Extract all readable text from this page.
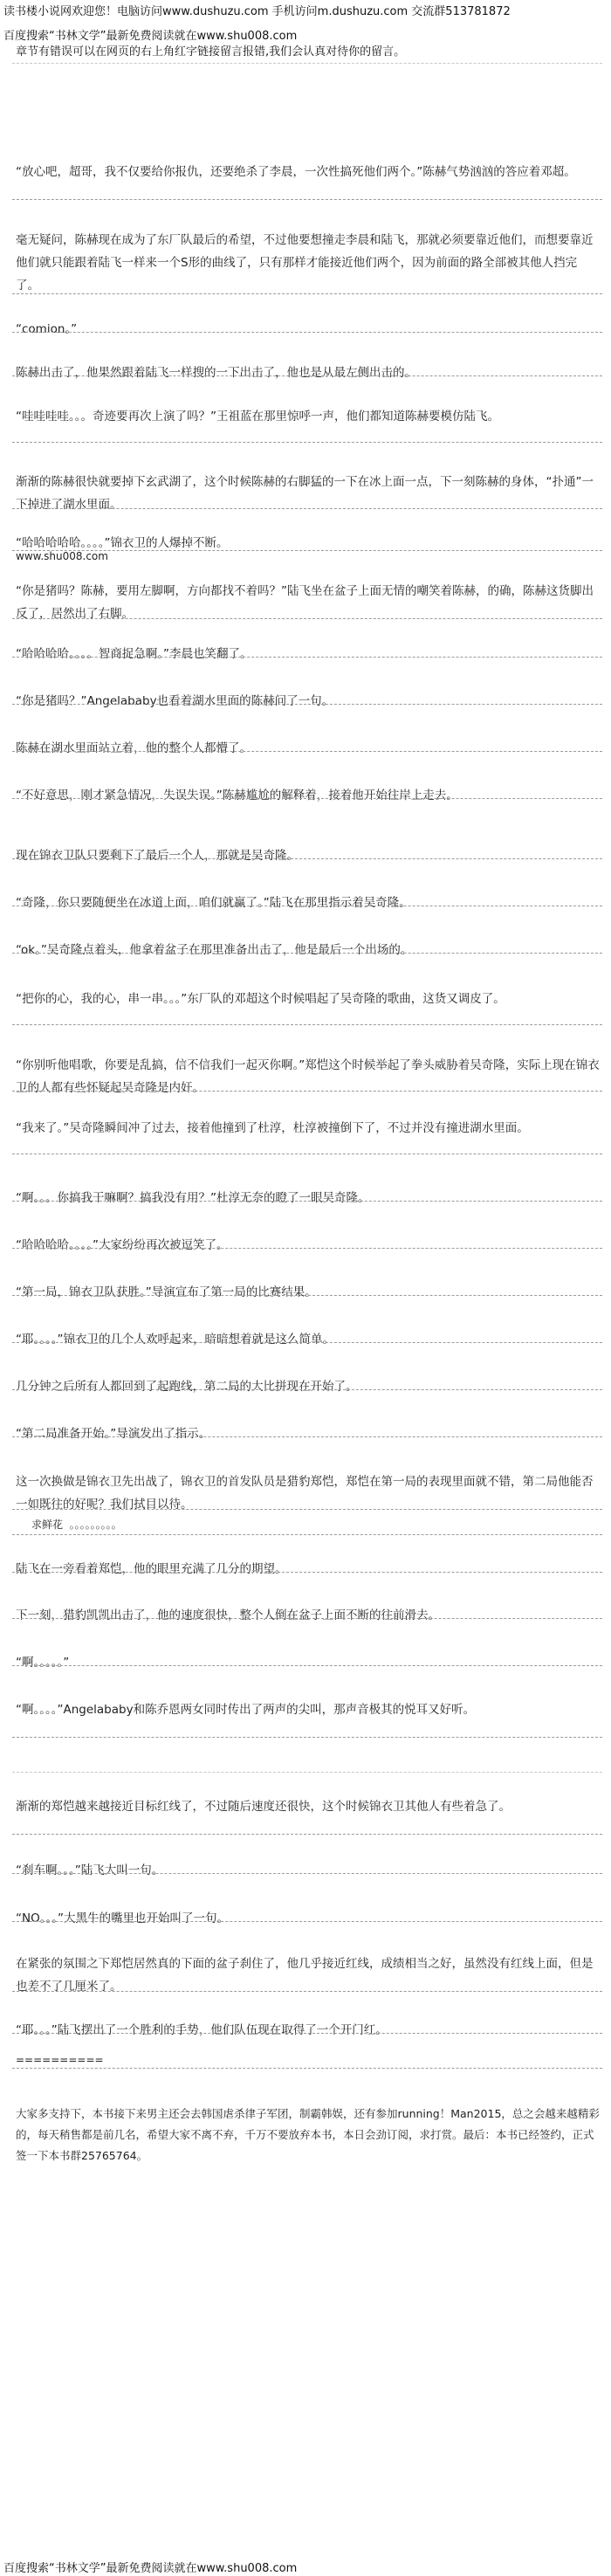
读书楼小说网欢迎您！电脑访问www.dushuzu.com 手机访问m.dushuzu.com 交流群513781872
百度搜索“书林文学”最新免费阅读就在www.shu008.com
章节有错误可以在网页的右上角红字链接留言报错,我们会认真对待你的留言。

“放心吧，超哥，我不仅要给你报仇，还要绝杀了李晨，一次性搞死他们两个。”陈赫气势汹汹的答应着邓超。

毫无疑问，陈赫现在成为了东厂队最后的希望，不过他要想撞走李晨和陆飞，那就必须要靠近他们，而想要靠近他们就只能跟着陆飞一样来一个S形的曲线了，只有那样才能接近他们两个，因为前面的路全部被其他人挡完了。

“comion。”

陈赫出击了，他果然跟着陆飞一样搜的一下出击了，他也是从最左侧出击的。

“哇哇哇哇。。。奇迹要再次上演了吗？”王祖蓝在那里惊呼一声，他们都知道陈赫要模仿陆飞。

渐渐的陈赫很快就要掉下玄武湖了，这个时候陈赫的右脚猛的一下在冰上面一点，下一刻陈赫的身体，“扑通”一下掉进了湖水里面。

“哈哈哈哈哈。。。。”锦衣卫的人爆掉不断。

www.shu008.com

“你是猪吗？陈赫，要用左脚啊，方向都找不着吗？”陆飞坐在盆子上面无情的嘲笑着陈赫，的确，陈赫这货脚出反了，居然出了右脚。

“哈哈哈哈。。。。智商捉急啊。”李晨也笑翻了。

“你是猪吗？”Angelababy也看着湖水里面的陈赫问了一句。

陈赫在湖水里面站立着，他的整个人都懵了。

“不好意思，刚才紧急情况，失误失误。”陈赫尴尬的解释着，接着他开始往岸上走去。

现在锦衣卫队只要剩下了最后一个人，那就是吴奇隆。

“奇隆，你只要随便坐在冰道上面，咱们就赢了。”陆飞在那里指示着吴奇隆。

“ok。”吴奇隆点着头，他拿着盆子在那里准备出击了，他是最后一个出场的。

“把你的心，我的心，串一串。。。”东厂队的邓超这个时候唱起了吴奇隆的歌曲，这货又调皮了。

“你别听他唱歌，你要是乱搞，信不信我们一起灭你啊。”郑恺这个时候举起了拳头威胁着吴奇隆，实际上现在锦衣卫的人都有些怀疑起吴奇隆是内奸。

“我来了。”吴奇隆瞬间冲了过去，接着他撞到了杜淳，杜淳被撞倒下了，不过并没有撞进湖水里面。

“啊。。。你搞我干嘛啊？搞我没有用？”杜淳无奈的瞪了一眼吴奇隆。

“哈哈哈哈。。。。”大家纷纷再次被逗笑了。

“第一局，锦衣卫队获胜。”导演宣布了第一局的比赛结果。

“耶。。。。”锦衣卫的几个人欢呼起来，暗暗想着就是这么简单。

几分钟之后所有人都回到了起跑线，第二局的大比拼现在开始了。

“第二局准备开始。”导演发出了指示。

这一次换做是锦衣卫先出战了，锦衣卫的首发队员是猎豹郑恺，郑恺在第一局的表现里面就不错，第二局他能否一如既往的好呢？我们拭目以待。

求鲜花 。。。。。。。。。

陆飞在一旁看着郑恺，他的眼里充满了几分的期望。

下一刻，猎豹凯凯出击了，他的速度很快，整个人倒在盆子上面不断的往前滑去。

“啊。。。。。”

“啊。。。。”Angelababy和陈乔恩两女同时传出了两声的尖叫，那声音极其的悦耳又好听。

渐渐的郑恺越来越接近目标红线了，不过随后速度还很快，这个时候锦衣卫其他人有些着急了。

“刹车啊。。。”陆飞大叫一句。

“NO。。。”大黑牛的嘴里也开始叫了一句。

在紧张的氛围之下郑恺居然真的下面的盆子刹住了，他几乎接近红线，成绩相当之好，虽然没有红线上面，但是也差不了几厘米了。

“耶。。。”陆飞摆出了一个胜利的手势，他们队伍现在取得了一个开门红。

==========

大家多支持下，本书接下来男主还会去韩国虐杀律子军团，制霸韩娱，还有参加running！Man2015，总之会越来越精彩的，每天稍售都是前几名，希望大家不离不弃，千万不要放弃本书，本日会劲订阅，求打赏。最后：本书已经签约，正式签一下本书群25765764。

百度搜索“书林文学”最新免费阅读就在www.shu008.com
